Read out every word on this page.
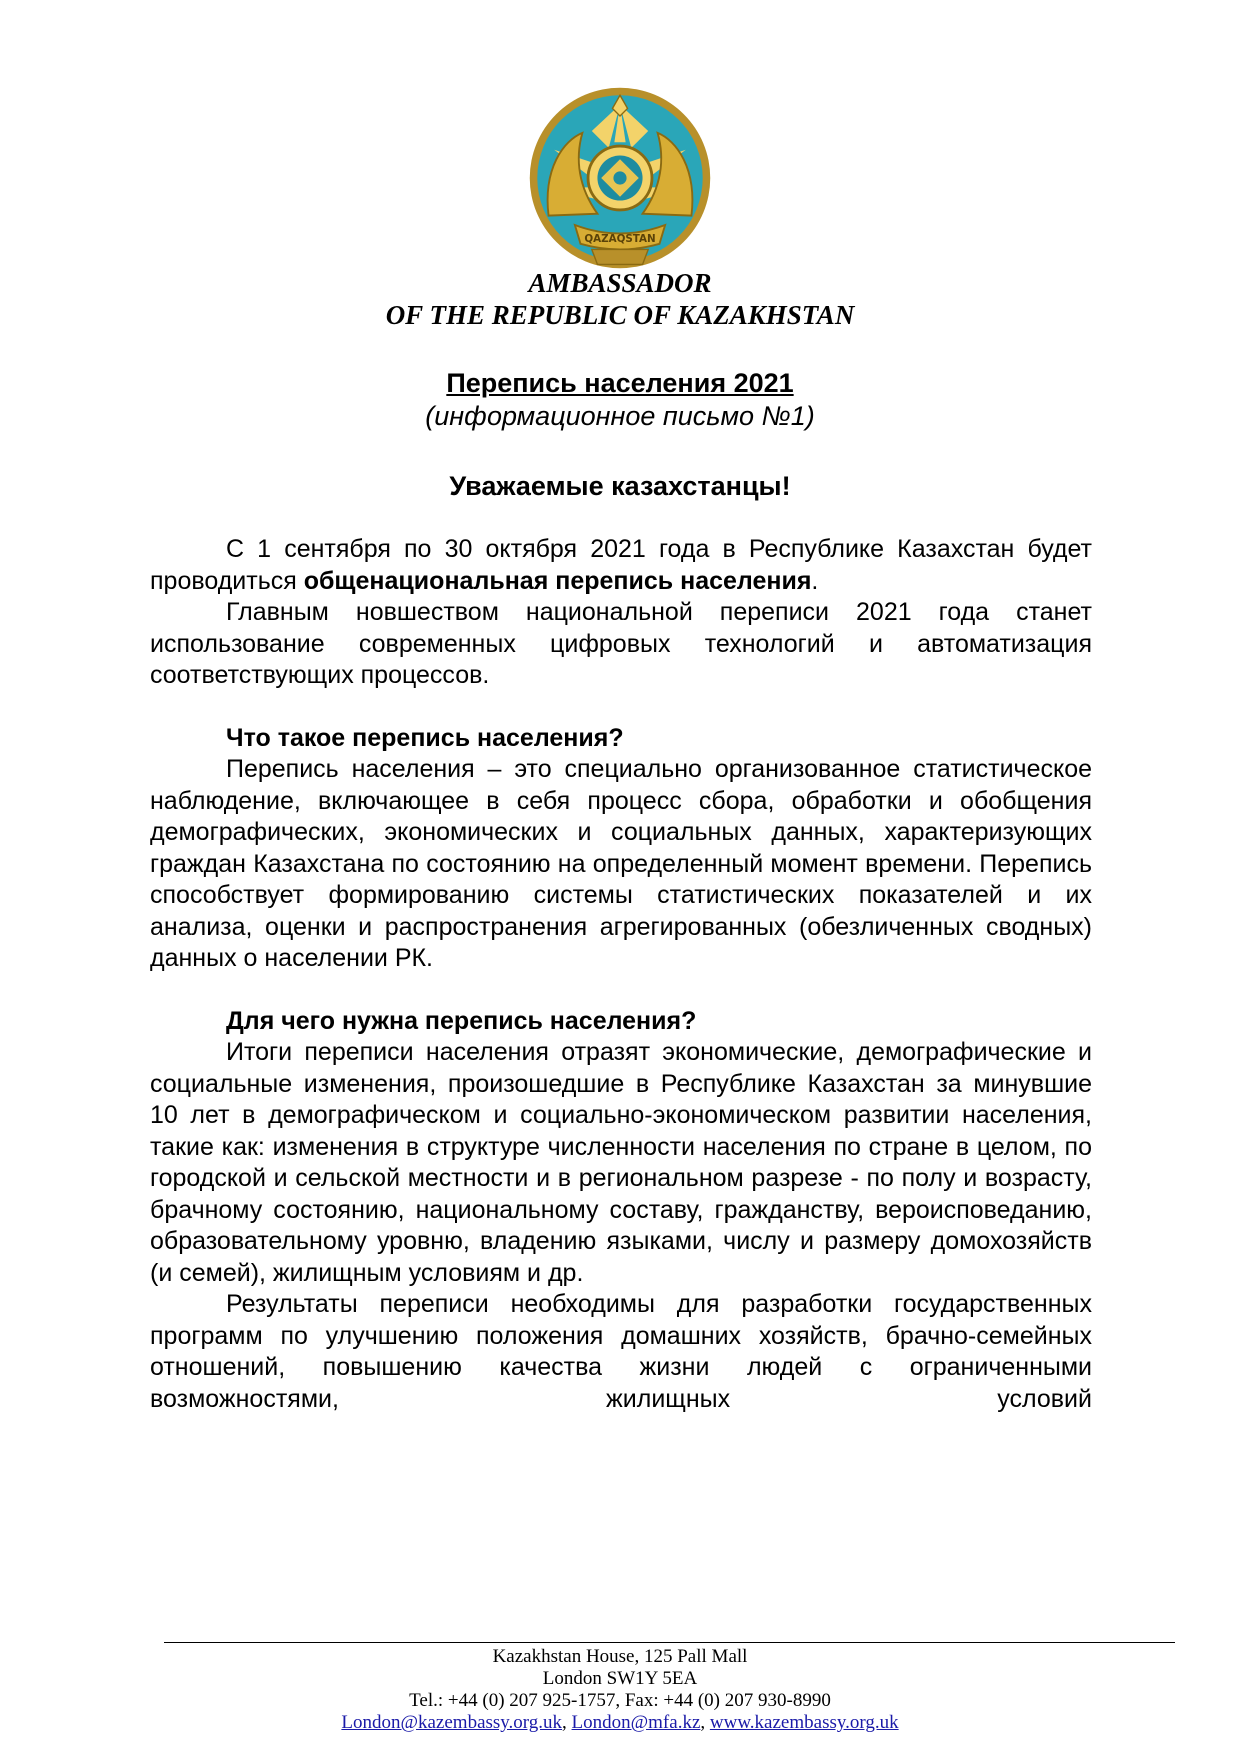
QAZAQSTAN
AMBASSADOR
OF THE REPUBLIC OF KAZAKHSTAN
Перепись населения 2021
(информационное письмо №1)
Уважаемые казахстанцы!

С 1 сентября по 30 октября 2021 года в Республике Казахстан будет проводиться общенациональная перепись населения.

Главным новшеством национальной переписи 2021 года станет использование современных цифровых технологий и автоматизация соответствующих процессов.

Что такое перепись населения?

Перепись населения – это специально организованное статистическое наблюдение, включающее в себя процесс сбора, обработки и обобщения демографических, экономических и социальных данных, характеризующих граждан Казахстана по состоянию на определенный момент времени. Перепись способствует формированию системы статистических показателей и их анализа, оценки и распространения агрегированных (обезличенных сводных) данных о населении РК.

Для чего нужна перепись населения?

Итоги переписи населения отразят экономические, демографические и социальные изменения, произошедшие в Республике Казахстан за минувшие 10 лет в демографическом и социально-экономическом развитии населения, такие как: изменения в структуре численности населения по стране в целом, по городской и сельской местности и в региональном разрезе - по полу и возрасту, брачному состоянию, национальному составу, гражданству, вероисповеданию, образовательному уровню, владению языками, числу и размеру домохозяйств (и семей), жилищным условиям и др.

Результаты переписи необходимы для разработки государственных программ по улучшению положения домашних хозяйств, брачно-семейных отношений, повышению качества жизни людей с ограниченными возможностями, жилищных условий

Kazakhstan House, 125 Pall Mall
London SW1Y 5EA
Tel.: +44 (0) 207 925-1757, Fax: +44 (0) 207 930-8990
London@kazembassy.org.uk, London@mfa.kz, www.kazembassy.org.uk
